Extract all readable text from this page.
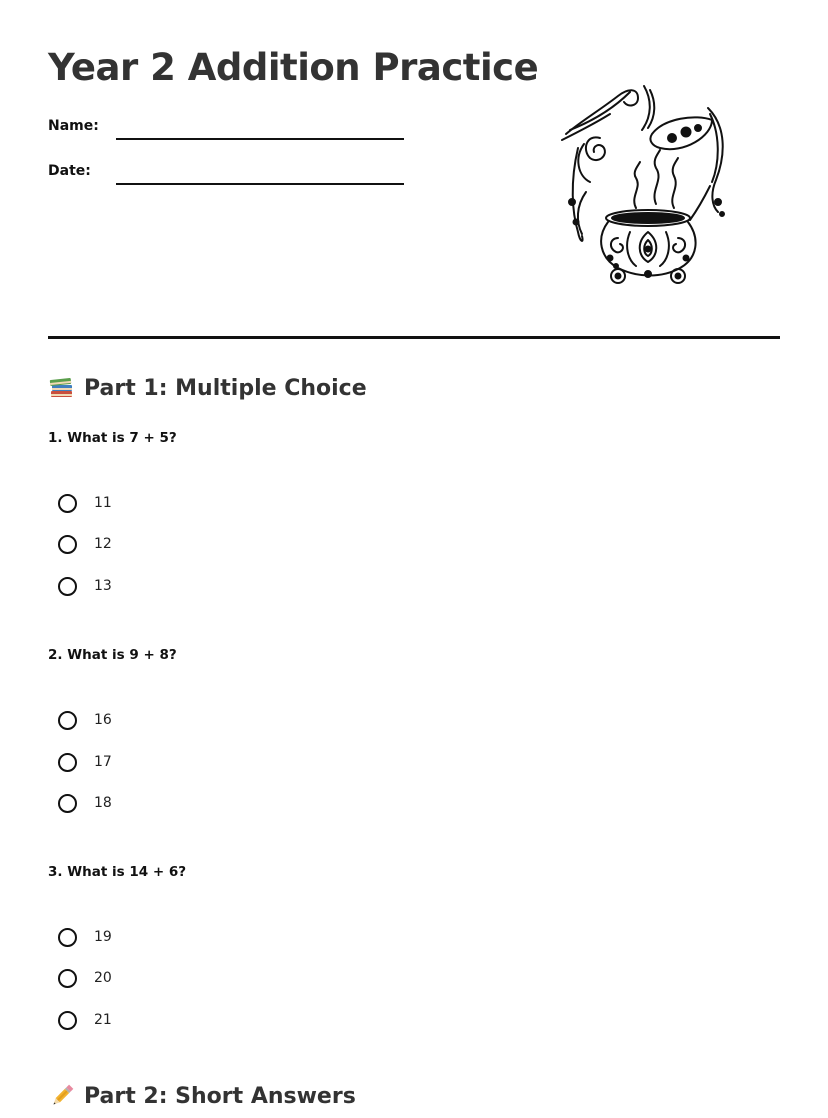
Year 2 Addition Practice
Name:
Date:
Part 1: Multiple Choice
1. What is 7 + 5?
11
12
13
2. What is 9 + 8?
16
17
18
3. What is 14 + 6?
19
20
21
Part 2: Short Answers
